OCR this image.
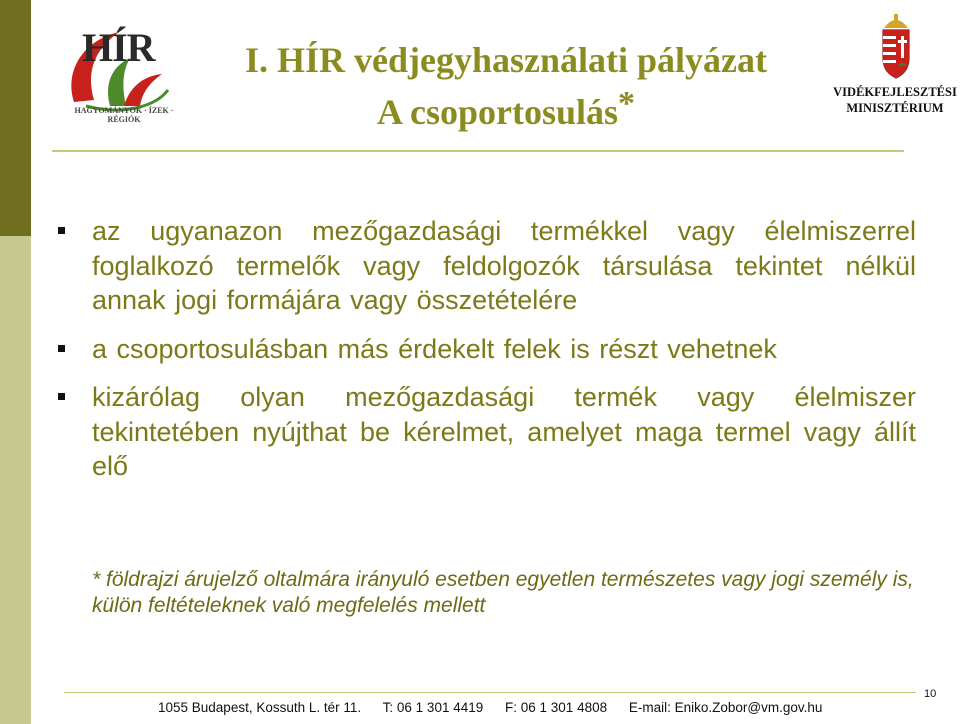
HÍR
HAGYOMÁNYOK · ÍZEK · RÉGIÓK
I. HÍR védjegyhasználati pályázat
A csoportosulás*	VIDÉKFEJLESZTÉSI
MINISZTÉRIUM
az ugyanazon mezőgazdasági termékkel vagy élelmiszerrel foglalkozó termelők vagy feldolgozók társulása tekintet nélkül annak jogi formájára vagy összetételére
a csoportosulásban más érdekelt felek is részt vehetnek
kizárólag olyan mezőgazdasági termék vagy élelmiszer tekintetében nyújthat be kérelmet, amelyet maga termel vagy állít elő
* földrajzi árujelző oltalmára irányuló esetben egyetlen természetes vagy jogi személy is, külön feltételeknek való megfelelés mellett
1055 Budapest, Kossuth L. tér 11. T: 06 1 301 4419 F: 06 1 301 4808 E-mail: Eniko.Zobor@vm.gov.hu
10
